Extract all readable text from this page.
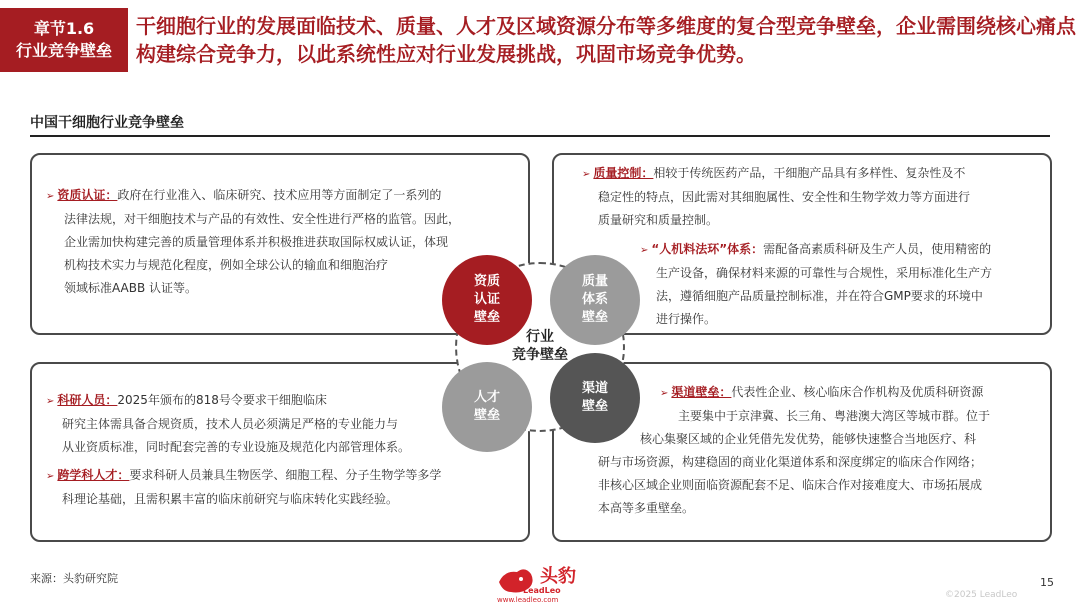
章节1.6
行业竞争壁垒
干细胞行业的发展面临技术、质量、人才及区域资源分布等多维度的复合型竞争壁垒，企业需围绕核心痛点构建综合竞争力，以此系统性应对行业发展挑战，巩固市场竞争优势。
中国干细胞行业竞争壁垒
➢ 资质认证：政府在行业准入、临床研究、技术应用等方面制定了一系列的
法律法规，对干细胞技术与产品的有效性、安全性进行严格的监管。因此，
企业需加快构建完善的质量管理体系并积极推进获取国际权威认证，体现
机构技术实力与规范化程度，例如全球公认的输血和细胞治疗
领域标准AABB 认证等。
➢ 质量控制：相较于传统医药产品，干细胞产品具有多样性、复杂性及不
稳定性的特点，因此需对其细胞属性、安全性和生物学效力等方面进行
质量研究和质量控制。
➢ “人机料法环”体系：需配备高素质科研及生产人员，使用精密的
生产设备，确保材料来源的可靠性与合规性，采用标准化生产方
法，遵循细胞产品质量控制标准，并在符合GMP要求的环境中
进行操作。
➢ 科研人员：2025年颁布的818号令要求干细胞临床
研究主体需具备合规资质，技术人员必须满足严格的专业能力与
从业资质标准，同时配套完善的专业设施及规范化内部管理体系。
➢ 跨学科人才：要求科研人员兼具生物医学、细胞工程、分子生物学等多学
科理论基础，且需积累丰富的临床前研究与临床转化实践经验。
➢ 渠道壁垒：代表性企业、核心临床合作机构及优质科研资源
主要集中于京津冀、长三角、粤港澳大湾区等城市群。位于
核心集聚区域的企业凭借先发优势，能够快速整合当地医疗、科
研与市场资源，构建稳固的商业化渠道体系和深度绑定的临床合作网络；
非核心区域企业则面临资源配套不足、临床合作对接难度大、市场拓展成
本高等多重壁垒。
资质
认证
壁垒
质量
体系
壁垒
人才
壁垒
渠道
壁垒
行业
竞争壁垒
来源：头豹研究院	头豹
LeadLeo
www.leadleo.com	©2025 LeadLeo
15
